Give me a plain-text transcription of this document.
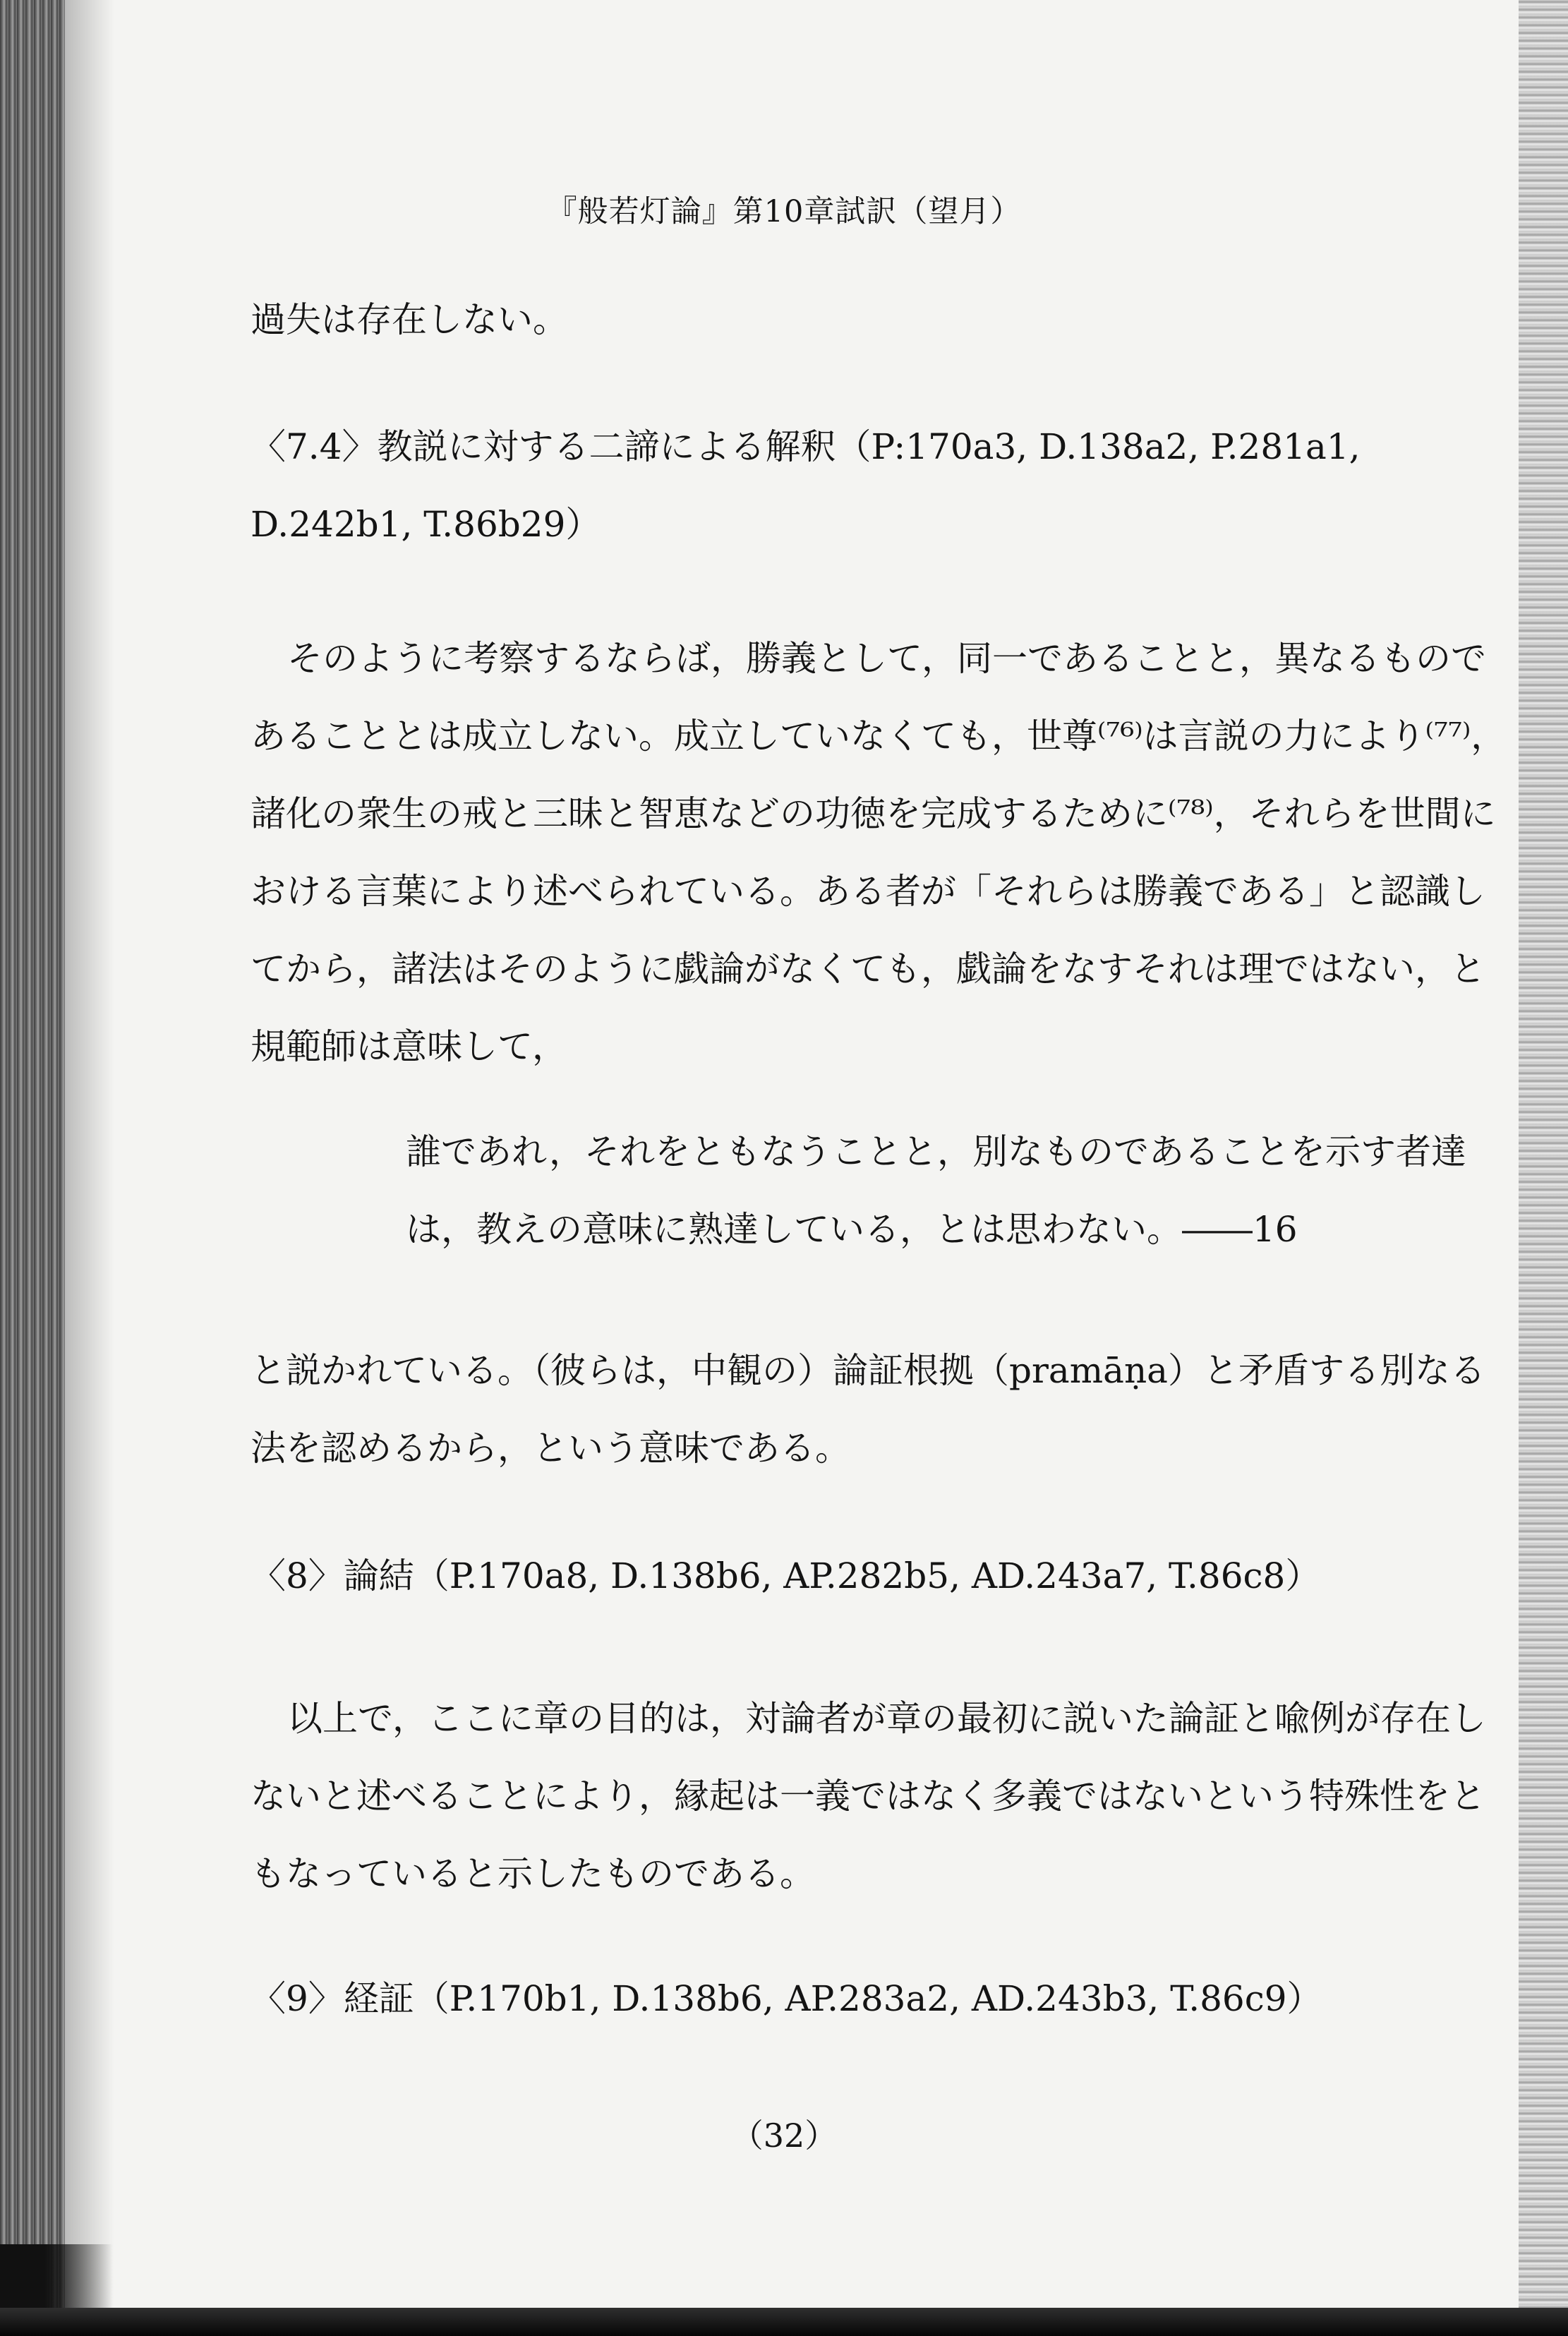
『般若灯論』第10章試訳（望月）

過失は存在しない。

〈7.4〉教説に対する二諦による解釈（P:170a3, D.138a2, P.281a1, D.242b1, T.86b29）

そのように考察するならば，勝義として，同一であることと，異なるものであることとは成立しない。成立していなくても，世尊⁽⁷⁶⁾は言説の力により⁽⁷⁷⁾，諸化の衆生の戒と三昧と智恵などの功徳を完成するために⁽⁷⁸⁾，それらを世間における言葉により述べられている。ある者が「それらは勝義である」と認識してから，諸法はそのように戯論がなくても，戯論をなすそれは理ではない，と規範師は意味して，

誰であれ，それをともなうことと，別なものであることを示す者達は，教えの意味に熟達している，とは思わない。――16

と説かれている。（彼らは，中観の）論証根拠（pramāṇa）と矛盾する別なる法を認めるから，という意味である。

〈8〉論結（P.170a8, D.138b6, AP.282b5, AD.243a7, T.86c8）

以上で，ここに章の目的は，対論者が章の最初に説いた論証と喩例が存在しないと述べることにより，縁起は一義ではなく多義ではないという特殊性をともなっていると示したものである。

〈9〉経証（P.170b1, D.138b6, AP.283a2, AD.243b3, T.86c9）

（32）
